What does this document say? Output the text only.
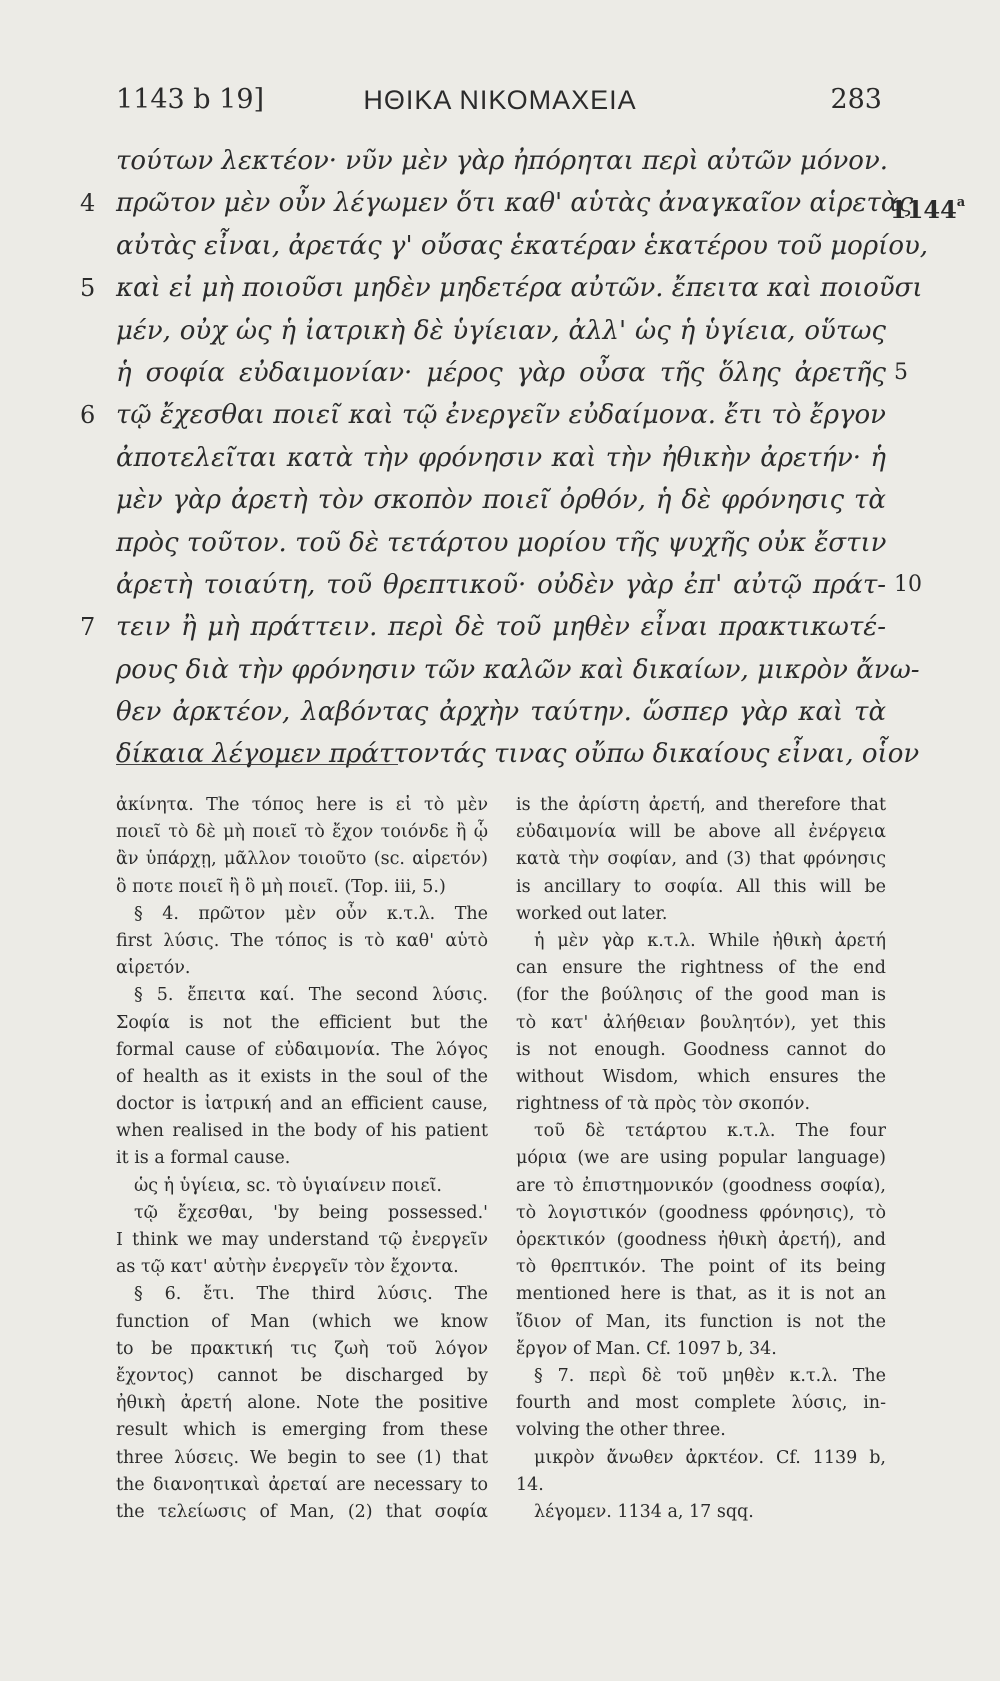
1143 b 19]	ΗΘΙΚΑ ΝΙΚΟΜΑΧΕΙΑ	283
τούτων λεκτέον· νῦν μὲν γὰρ ἠπόρηται περὶ αὐτῶν μόνον.
4 πρῶτον μὲν οὖν λέγωμεν ὅτι καθ' αὑτὰς ἀναγκαῖον αἱρετὰς
1144$^a$
αὐτὰς εἶναι, ἀρετάς γ' οὔσας ἑκατέραν ἑκατέρου τοῦ μορίου,
5 καὶ εἰ μὴ ποιοῦσι μηδὲν μηδετέρα αὐτῶν. ἔπειτα καὶ ποιοῦσι
μέν, οὐχ ὡς ἡ ἰατρικὴ δὲ ὑγίειαν, ἀλλ' ὡς ἡ ὑγίεια, οὕτως
ἡ σοφία εὐδαιμονίαν· μέρος γὰρ οὖσα τῆς ὅλης ἀρετῆς 5
6 τῷ ἔχεσθαι ποιεῖ καὶ τῷ ἐνεργεῖν εὐδαίμονα. ἔτι τὸ ἔργον
ἀποτελεῖται κατὰ τὴν φρόνησιν καὶ τὴν ἠθικὴν ἀρετήν· ἡ
μὲν γὰρ ἀρετὴ τὸν σκοπὸν ποιεῖ ὀρθόν, ἡ δὲ φρόνησις τὰ
πρὸς τοῦτον. τοῦ δὲ τετάρτου μορίου τῆς ψυχῆς οὐκ ἔστιν
ἀρετὴ τοιαύτη, τοῦ θρεπτικοῦ· οὐδὲν γὰρ ἐπ' αὐτῷ πράτ- 10
7 τειν ἢ μὴ πράττειν. περὶ δὲ τοῦ μηθὲν εἶναι πρακτικωτέ-
ρους διὰ τὴν φρόνησιν τῶν καλῶν καὶ δικαίων, μικρὸν ἄνω-
θεν ἀρκτέον, λαβόντας ἀρχὴν ταύτην. ὥσπερ γὰρ καὶ τὰ
δίκαια λέγομεν πράττοντάς τινας οὔπω δικαίους εἶναι, οἷον
ἀκίνητα. The τόπος here is εἰ τὸ μὲν
ποιεῖ τὸ δὲ μὴ ποιεῖ τὸ ἔχον τοιόνδε ἢ ᾧ
ἂν ὑπάρχῃ, μᾶλλον τοιοῦτο (sc. αἱρετόν)
ὃ ποτε ποιεῖ ἢ ὃ μὴ ποιεῖ. (Top. iii, 5.)
§ 4. πρῶτον μὲν οὖν κ.τ.λ. The
first λύσις. The τόπος is τὸ καθ' αὑτὸ
αἱρετόν.
§ 5. ἔπειτα καί. The second λύσις.
Σοφία is not the efficient but the
formal cause of εὐδαιμονία. The λόγος
of health as it exists in the soul of the
doctor is ἰατρική and an efficient cause,
when realised in the body of his patient
it is a formal cause.
ὡς ἡ ὑγίεια, sc. τὸ ὑγιαίνειν ποιεῖ.
τῷ ἔχεσθαι, 'by being possessed.'
I think we may understand τῷ ἐνεργεῖν
as τῷ κατ' αὐτὴν ἐνεργεῖν τὸν ἔχοντα.
§ 6. ἔτι. The third λύσις. The
function of Man (which we know
to be πρακτική τις ζωὴ τοῦ λόγον
ἔχοντος) cannot be discharged by
ἠθικὴ ἀρετή alone. Note the positive
result which is emerging from these
three λύσεις. We begin to see (1) that
the διανοητικαὶ ἀρεταί are necessary to
the τελείωσις of Man, (2) that σοφία
is the ἀρίστη ἀρετή, and therefore that
εὐδαιμονία will be above all ἐνέργεια
κατὰ τὴν σοφίαν, and (3) that φρόνησις
is ancillary to σοφία. All this will be
worked out later.
ἡ μὲν γὰρ κ.τ.λ. While ἠθικὴ ἀρετή
can ensure the rightness of the end
(for the βούλησις of the good man is
τὸ κατ' ἀλήθειαν βουλητόν), yet this
is not enough. Goodness cannot do
without Wisdom, which ensures the
rightness of τὰ πρὸς τὸν σκοπόν.
τοῦ δὲ τετάρτου κ.τ.λ. The four
μόρια (we are using popular language)
are τὸ ἐπιστημονικόν (goodness σοφία),
τὸ λογιστικόν (goodness φρόνησις), τὸ
ὀρεκτικόν (goodness ἠθικὴ ἀρετή), and
τὸ θρεπτικόν. The point of its being
mentioned here is that, as it is not an
ἴδιον of Man, its function is not the
ἔργον of Man. Cf. 1097 b, 34.
§ 7. περὶ δὲ τοῦ μηθὲν κ.τ.λ. The
fourth and most complete λύσις, in-
volving the other three.
μικρὸν ἄνωθεν ἀρκτέον. Cf. 1139 b,
14.
λέγομεν. 1134 a, 17 sqq.
